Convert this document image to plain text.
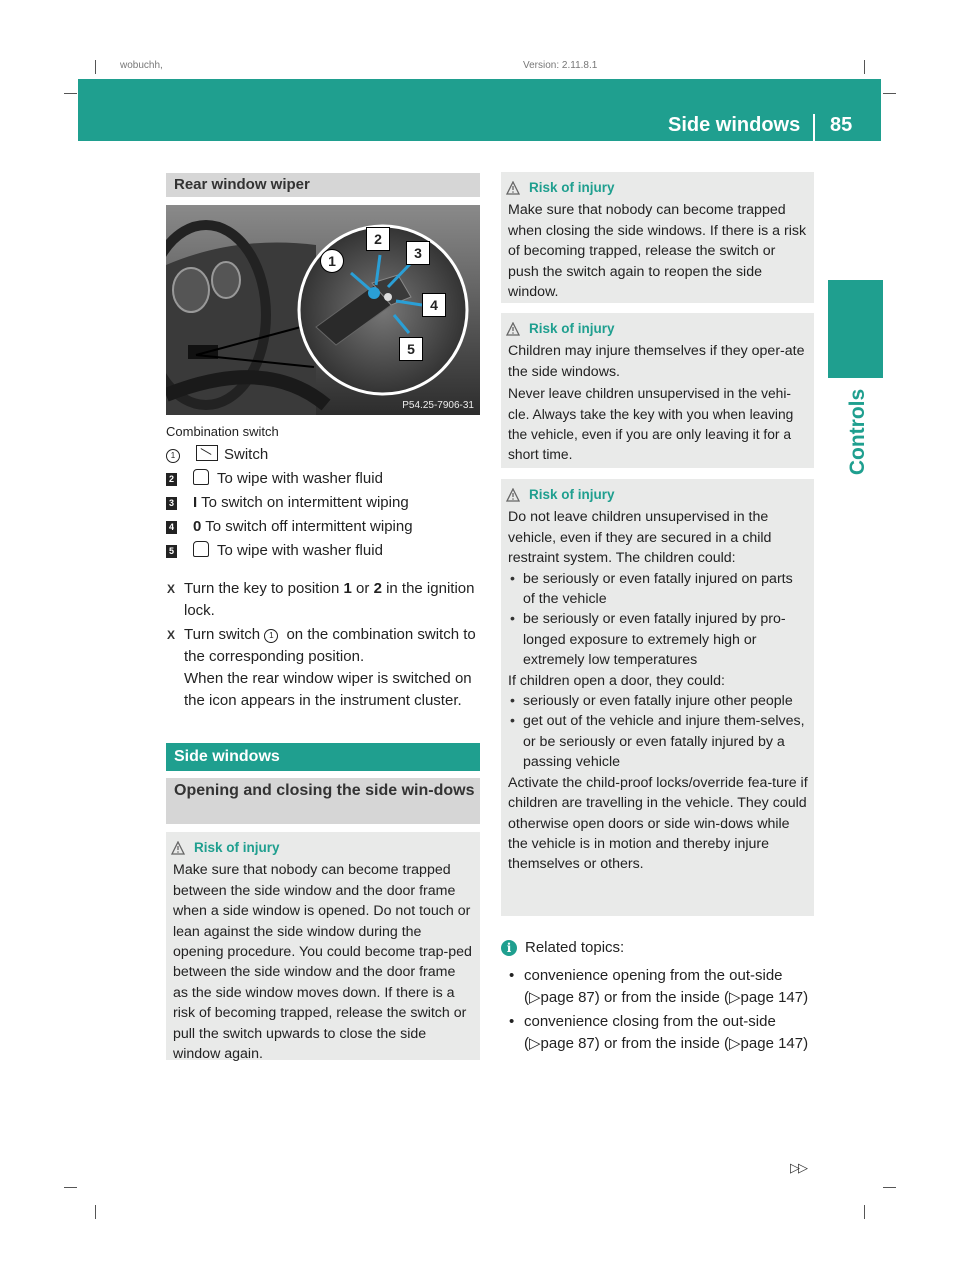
wobuchh,	Version: 2.11.8.1
Side windows 85
Controls
Rear window wiper
1
2
3
4
5
P54.25-7906-31
Combination switch
1	Switch
2	To wipe with washer fluid
3 I To switch on intermittent wiping
4 0 To switch off intermittent wiping
5	To wipe with washer fluid
X Turn the key to position 1 or 2 in the ignition lock.
X Turn switch 1 on the combination switch to the corresponding position.
When the rear window wiper is switched on the icon appears in the instrument cluster.
Side windows
Opening and closing the side win-dows
Risk of injury

Make sure that nobody can become trapped between the side window and the door frame when a side window is opened. Do not touch or lean against the side window during the opening procedure. You could become trap-ped between the side window and the door frame as the side window moves down. If there is a risk of becoming trapped, release the switch or pull the switch upwards to close the side window again.

Risk of injury

Make sure that nobody can become trapped when closing the side windows. If there is a risk of becoming trapped, release the switch or push the switch again to reopen the side window.

Risk of injury

Children may injure themselves if they oper-ate the side windows.

Never leave children unsupervised in the vehi-cle. Always take the key with you when leaving the vehicle, even if you are only leaving it for a short time.

Risk of injury

Do not leave children unsupervised in the vehicle, even if they are secured in a child restraint system. The children could:

• be seriously or even fatally injured on parts of the vehicle
• be seriously or even fatally injured by pro-longed exposure to extremely high or extremely low temperatures

If children open a door, they could:

• seriously or even fatally injure other people
• get out of the vehicle and injure them-selves, or be seriously or even fatally injured by a passing vehicle

Activate the child-proof locks/override fea-ture if children are travelling in the vehicle. They could otherwise open doors or side win-dows while the vehicle is in motion and thereby injure themselves or others.

i Related topics:
• convenience opening from the out-side (▷page 87) or from the inside (▷page 147)
• convenience closing from the out-side (▷page 87) or from the inside (▷page 147)
▷▷
